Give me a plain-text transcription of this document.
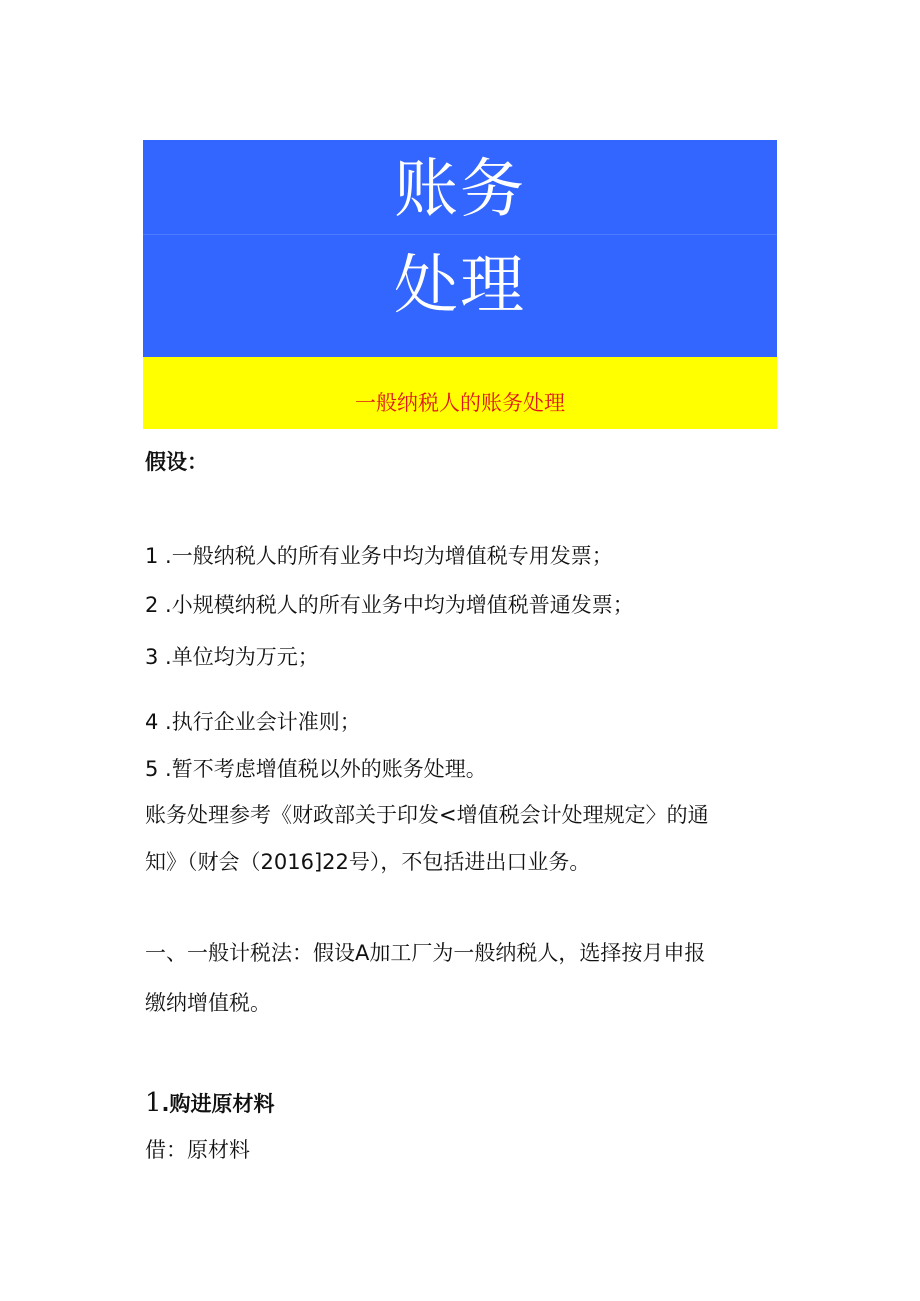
账务
处理
一般纳税人的账务处理
假设：
1 .一般纳税人的所有业务中均为增值税专用发票；
2 .小规模纳税人的所有业务中均为增值税普通发票；
3 .单位均为万元；
4 .执行企业会计准则；
5 .暂不考虑增值税以外的账务处理。
账务处理参考《财政部关于印发<增值税会计处理规定〉的通
知》（财会（2016]22号），不包括进出口业务。
一、一般计税法：假设A加工厂为一般纳税人，选择按月申报
缴纳增值税。
1.购进原材料
借：原材料
